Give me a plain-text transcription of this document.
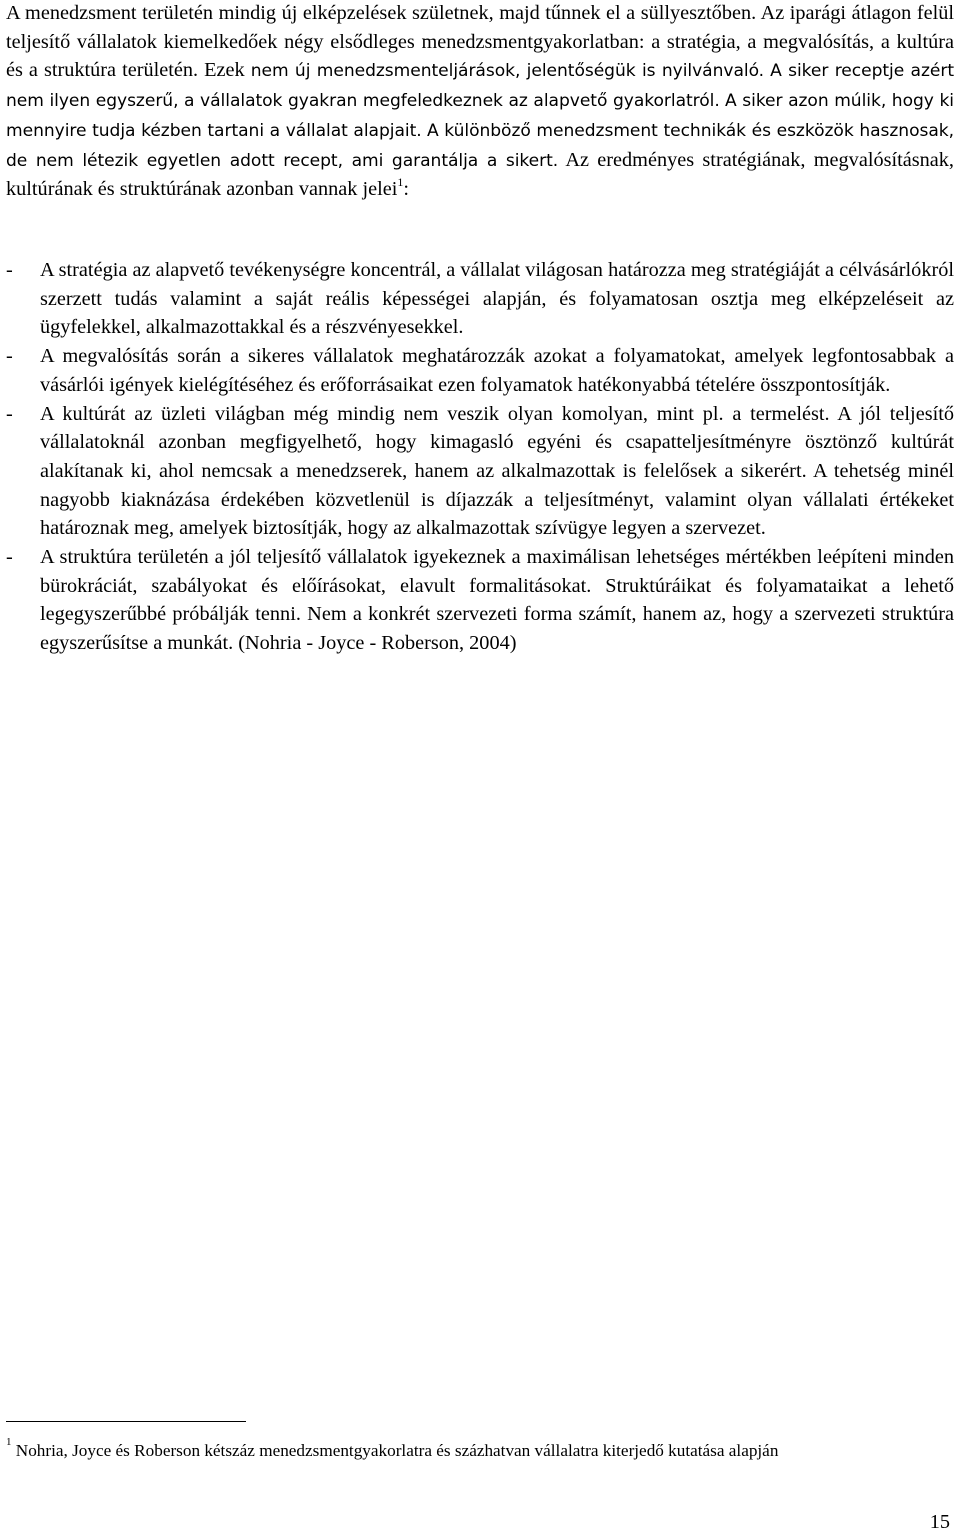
A menedzsment területén mindig új elképzelések születnek, majd tűnnek el a süllyesztőben. Az iparági átlagon felül teljesítő vállalatok kiemelkedőek négy elsődleges menedzsmentgyakorlatban: a stratégia, a megvalósítás, a kultúra és a struktúra területén. Ezek nem új menedzsmenteljárások, jelentőségük is nyilvánvaló. A siker receptje azért nem ilyen egyszerű, a vállalatok gyakran megfeledkeznek az alapvető gyakorlatról. A siker azon múlik, hogy ki mennyire tudja kézben tartani a vállalat alapjait. A különböző menedzsment technikák és eszközök hasznosak, de nem létezik egyetlen adott recept, ami garantálja a sikert. Az eredményes stratégiának, megvalósításnak, kultúrának és struktúrának azonban vannak jelei$^1$:

- A stratégia az alapvető tevékenységre koncentrál, a vállalat világosan határozza meg stratégiáját a célvásárlókról szerzett tudás valamint a saját reális képességei alapján, és folyamatosan osztja meg elképzeléseit az ügyfelekkel, alkalmazottakkal és a részvényesekkel.
- A megvalósítás során a sikeres vállalatok meghatározzák azokat a folyamatokat, amelyek legfontosabbak a vásárlói igények kielégítéséhez és erőforrásaikat ezen folyamatok hatékonyabbá tételére összpontosítják.
- A kultúrát az üzleti világban még mindig nem veszik olyan komolyan, mint pl. a termelést. A jól teljesítő vállalatoknál azonban megfigyelhető, hogy kimagasló egyéni és csapatteljesítményre ösztönző kultúrát alakítanak ki, ahol nemcsak a menedzserek, hanem az alkalmazottak is felelősek a sikerért. A tehetség minél nagyobb kiaknázása érdekében közvetlenül is díjazzák a teljesítményt, valamint olyan vállalati értékeket határoznak meg, amelyek biztosítják, hogy az alkalmazottak szívügye legyen a szervezet.
- A struktúra területén a jól teljesítő vállalatok igyekeznek a maximálisan lehetséges mértékben leépíteni minden bürokráciát, szabályokat és előírásokat, elavult formalitásokat. Struktúráikat és folyamataikat a lehető legegyszerűbbé próbálják tenni. Nem a konkrét szervezeti forma számít, hanem az, hogy a szervezeti struktúra egyszerűsítse a munkát. (Nohria - Joyce - Roberson, 2004)
$^1$ Nohria, Joyce és Roberson kétszáz menedzsmentgyakorlatra és százhatvan vállalatra kiterjedő kutatása alapján
15
